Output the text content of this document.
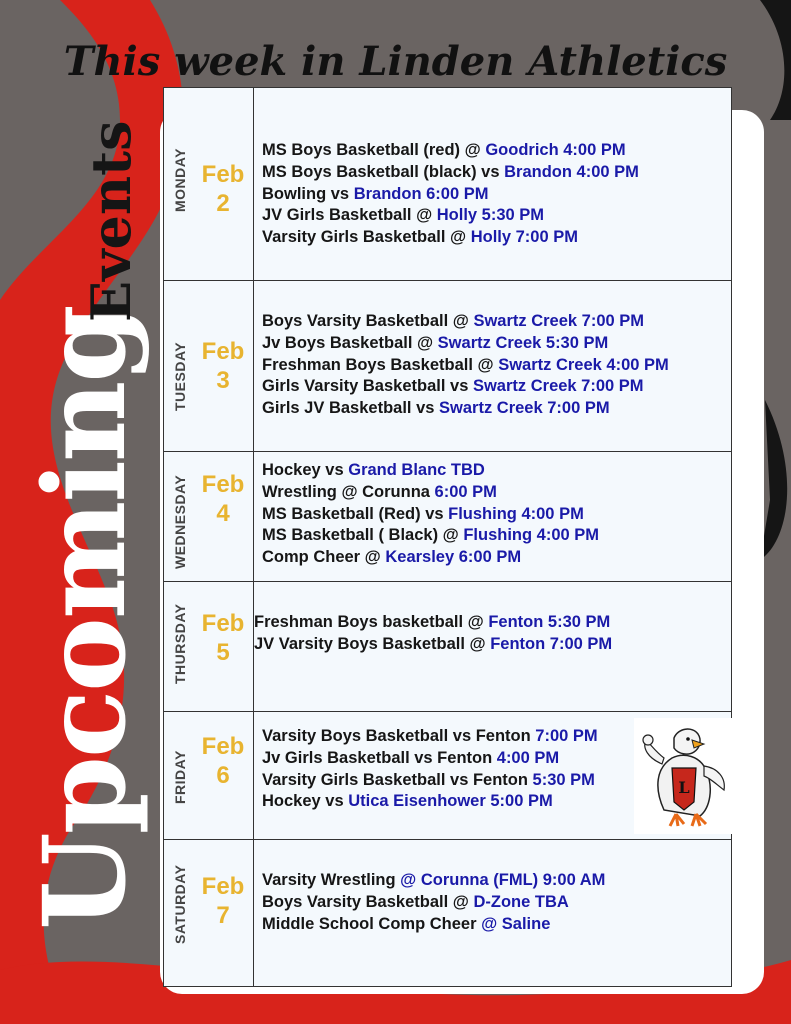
This week in Linden Athletics
Upcoming
Events MONDAY Feb
2
MS Boys Basketball (red) @ Goodrich 4:00 PM
MS Boys Basketball (black) vs Brandon 4:00 PM
Bowling vs Brandon 6:00 PM
JV Girls Basketball @ Holly 5:30 PM
Varsity Girls Basketball @ Holly 7:00 PM
TUESDAY Feb
3
Boys Varsity Basketball @ Swartz Creek 7:00 PM
Jv Boys Basketball @ Swartz Creek 5:30 PM
Freshman Boys Basketball @ Swartz Creek 4:00 PM
Girls Varsity Basketball vs Swartz Creek 7:00 PM
Girls JV Basketball vs Swartz Creek 7:00 PM
WEDNESDAY Feb
4
Hockey vs Grand Blanc TBD
Wrestling @ Corunna 6:00 PM
MS Basketball (Red) vs Flushing 4:00 PM
MS Basketball ( Black) @ Flushing 4:00 PM
Comp Cheer @ Kearsley 6:00 PM
THURSDAY Feb
5
Freshman Boys basketball @ Fenton 5:30 PM
JV Varsity Boys Basketball @ Fenton 7:00 PM
FRIDAY
Feb
6
Varsity Boys Basketball vs Fenton 7:00 PM
Jv Girls Basketball vs Fenton 4:00 PM
Varsity Girls Basketball vs Fenton 5:30 PM
Hockey vs Utica Eisenhower 5:00 PM
L
SATURDAY Feb
7
Varsity Wrestling @ Corunna (FML) 9:00 AM
Boys Varsity Basketball @ D-Zone TBA
Middle School Comp Cheer @ Saline
